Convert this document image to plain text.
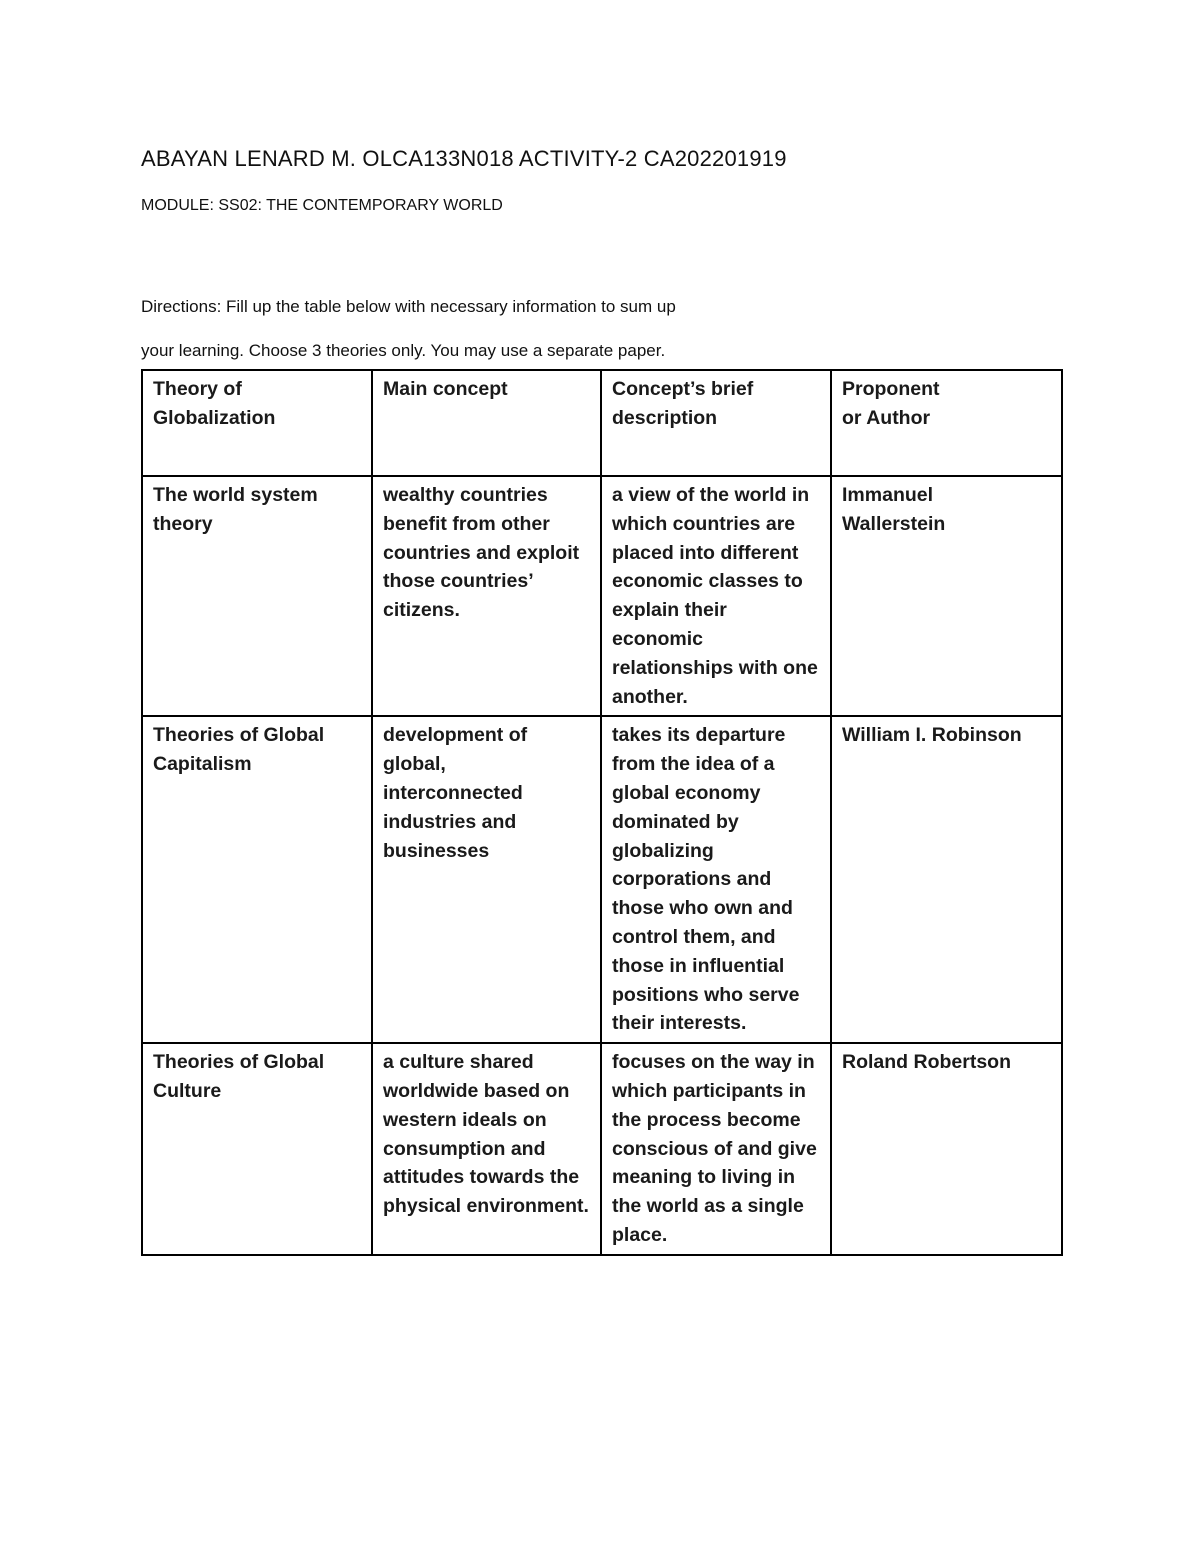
ABAYAN LENARD M. OLCA133N018 ACTIVITY-2 CA202201919
MODULE: SS02: THE CONTEMPORARY WORLD
Directions: Fill up the table below with necessary information to sum up
your learning. Choose 3 theories only. You may use a separate paper.
Theory of Globalization	Main concept	Concept’s brief description	Proponent or Author

The world system theory	wealthy countries benefit from other countries and exploit those countries’ citizens.	a view of the world in which countries are placed into different economic classes to explain their economic relationships with one another.	Immanuel Wallerstein

Theories of Global Capitalism	development of global, interconnected industries and businesses	takes its departure from the idea of a global economy dominated by globalizing corporations and those who own and control them, and those in influential positions who serve their interests.	William I. Robinson

Theories of Global Culture	a culture shared worldwide based on western ideals on consumption and attitudes towards the physical environment.	focuses on the way in which participants in the process become conscious of and give meaning to living in the world as a single place.	Roland Robertson
